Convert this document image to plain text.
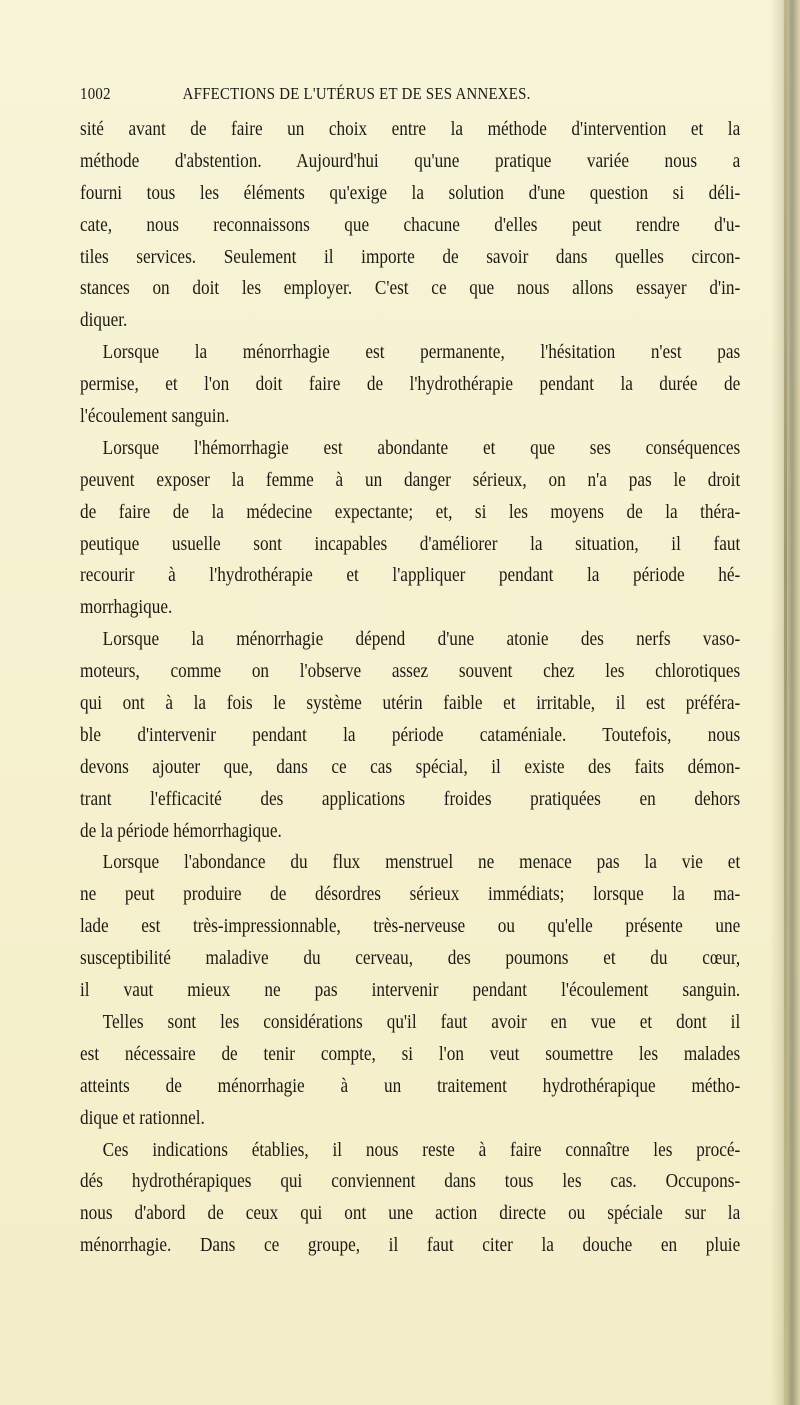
1002	AFFECTIONS DE L'UTÉRUS ET DE SES ANNEXES.
sité avant de faire un choix entre la méthode d'intervention et la
méthode d'abstention. Aujourd'hui qu'une pratique variée nous a
fourni tous les éléments qu'exige la solution d'une question si déli-
cate, nous reconnaissons que chacune d'elles peut rendre d'u-
tiles services. Seulement il importe de savoir dans quelles circon-
stances on doit les employer. C'est ce que nous allons essayer d'in-
diquer.
Lorsque la ménorrhagie est permanente, l'hésitation n'est pas
permise, et l'on doit faire de l'hydrothérapie pendant la durée de
l'écoulement sanguin.
Lorsque l'hémorrhagie est abondante et que ses conséquences
peuvent exposer la femme à un danger sérieux, on n'a pas le droit
de faire de la médecine expectante; et, si les moyens de la théra-
peutique usuelle sont incapables d'améliorer la situation, il faut
recourir à l'hydrothérapie et l'appliquer pendant la période hé-
morrhagique.
Lorsque la ménorrhagie dépend d'une atonie des nerfs vaso-
moteurs, comme on l'observe assez souvent chez les chlorotiques
qui ont à la fois le système utérin faible et irritable, il est préféra-
ble d'intervenir pendant la période cataméniale. Toutefois, nous
devons ajouter que, dans ce cas spécial, il existe des faits démon-
trant l'efficacité des applications froides pratiquées en dehors
de la période hémorrhagique.
Lorsque l'abondance du flux menstruel ne menace pas la vie et
ne peut produire de désordres sérieux immédiats; lorsque la ma-
lade est très-impressionnable, très-nerveuse ou qu'elle présente une
susceptibilité maladive du cerveau, des poumons et du cœur,
il vaut mieux ne pas intervenir pendant l'écoulement sanguin.
Telles sont les considérations qu'il faut avoir en vue et dont il
est nécessaire de tenir compte, si l'on veut soumettre les malades
atteints de ménorrhagie à un traitement hydrothérapique métho-
dique et rationnel.
Ces indications établies, il nous reste à faire connaître les procé-
dés hydrothérapiques qui conviennent dans tous les cas. Occupons-
nous d'abord de ceux qui ont une action directe ou spéciale sur la
ménorrhagie. Dans ce groupe, il faut citer la douche en pluie
